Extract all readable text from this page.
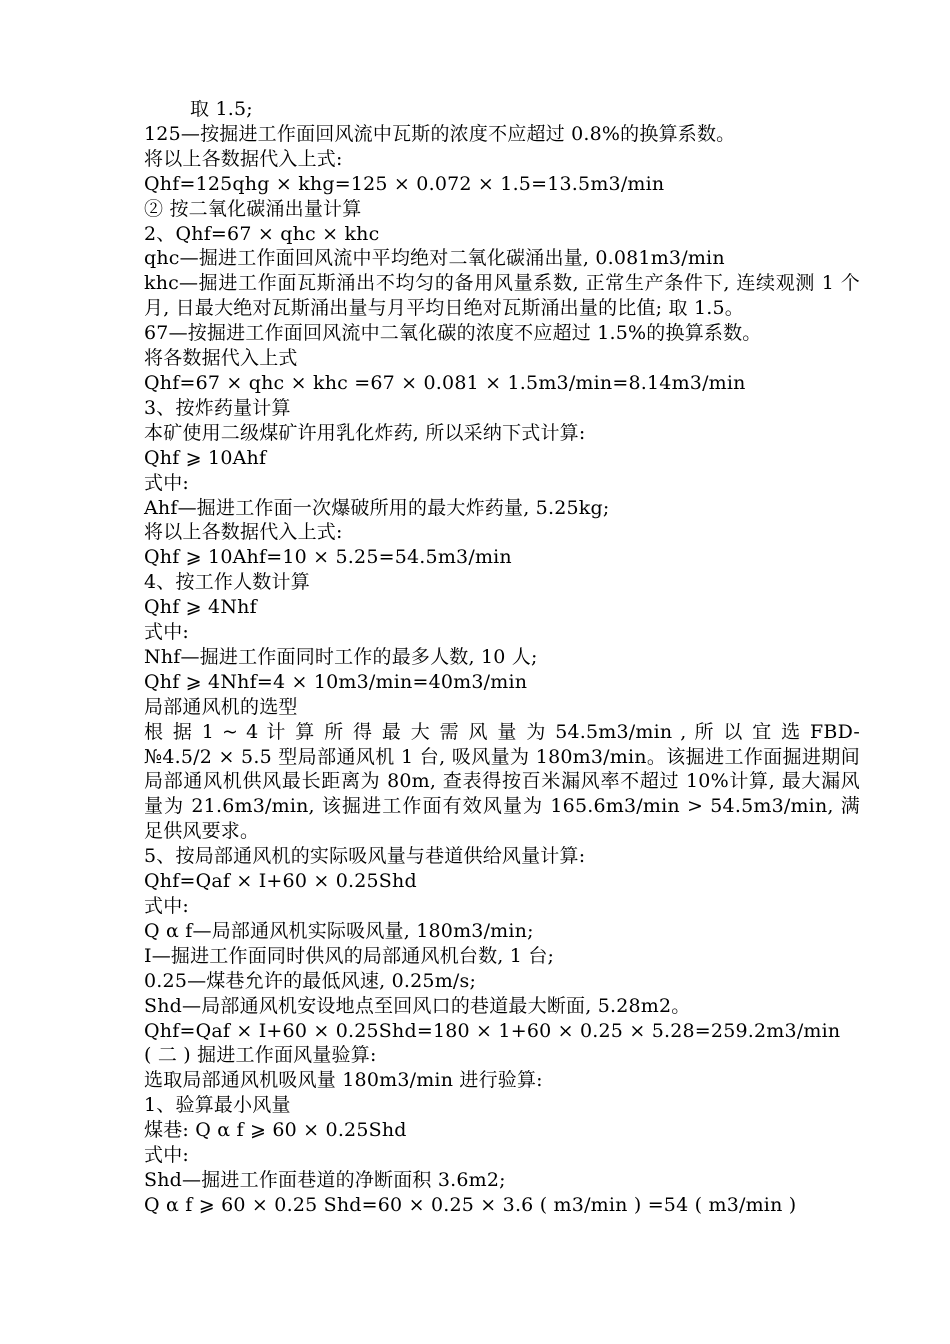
取 1.5;

125—按掘进工作面回风流中瓦斯的浓度不应超过 0.8%的换算系数。

将以上各数据代入上式:

Qhf=125qhg × khg=125 × 0.072 × 1.5=13.5m3/min

② 按二氧化碳涌出量计算

2、Qhf=67 × qhc × khc

qhc—掘进工作面回风流中平均绝对二氧化碳涌出量, 0.081m3/min

khc—掘进工作面瓦斯涌出不均匀的备用风量系数, 正常生产条件下, 连续观测 1 个月, 日最大绝对瓦斯涌出量与月平均日绝对瓦斯涌出量的比值; 取 1.5。

67—按掘进工作面回风流中二氧化碳的浓度不应超过 1.5%的换算系数。

将各数据代入上式

Qhf=67 × qhc × khc =67 × 0.081 × 1.5m3/min=8.14m3/min

3、按炸药量计算

本矿使用二级煤矿许用乳化炸药, 所以采纳下式计算:

Qhf ⩾ 10Ahf

式中:

Ahf—掘进工作面一次爆破所用的最大炸药量, 5.25kg;

将以上各数据代入上式:

Qhf ⩾ 10Ahf=10 × 5.25=54.5m3/min

4、按工作人数计算

Qhf ⩾ 4Nhf

式中:

Nhf—掘进工作面同时工作的最多人数, 10 人;

Qhf ⩾ 4Nhf=4 × 10m3/min=40m3/min

局部通风机的选型

根 据 1 ~ 4 计 算 所 得 最 大 需 风 量 为 54.5m3/min , 所 以 宜 选 FBD-№4.5/2 × 5.5 型局部通风机 1 台, 吸风量为 180m3/min。该掘进工作面掘进期间局部通风机供风最长距离为 80m, 查表得按百米漏风率不超过 10%计算, 最大漏风量为 21.6m3/min, 该掘进工作面有效风量为 165.6m3/min > 54.5m3/min, 满足供风要求。

5、按局部通风机的实际吸风量与巷道供给风量计算:

Qhf=Qaf × I+60 × 0.25Shd

式中:

Q α f—局部通风机实际吸风量, 180m3/min;

I—掘进工作面同时供风的局部通风机台数, 1 台;

0.25—煤巷允许的最低风速, 0.25m/s;

Shd—局部通风机安设地点至回风口的巷道最大断面, 5.28m2。

Qhf=Qaf × I+60 × 0.25Shd=180 × 1+60 × 0.25 × 5.28=259.2m3/min

( 二 ) 掘进工作面风量验算:

选取局部通风机吸风量 180m3/min 进行验算:

1、验算最小风量

煤巷: Q α f ⩾ 60 × 0.25Shd

式中:

Shd—掘进工作面巷道的净断面积 3.6m2;

Q α f ⩾ 60 × 0.25 Shd=60 × 0.25 × 3.6 ( m3/min ) =54 ( m3/min )
